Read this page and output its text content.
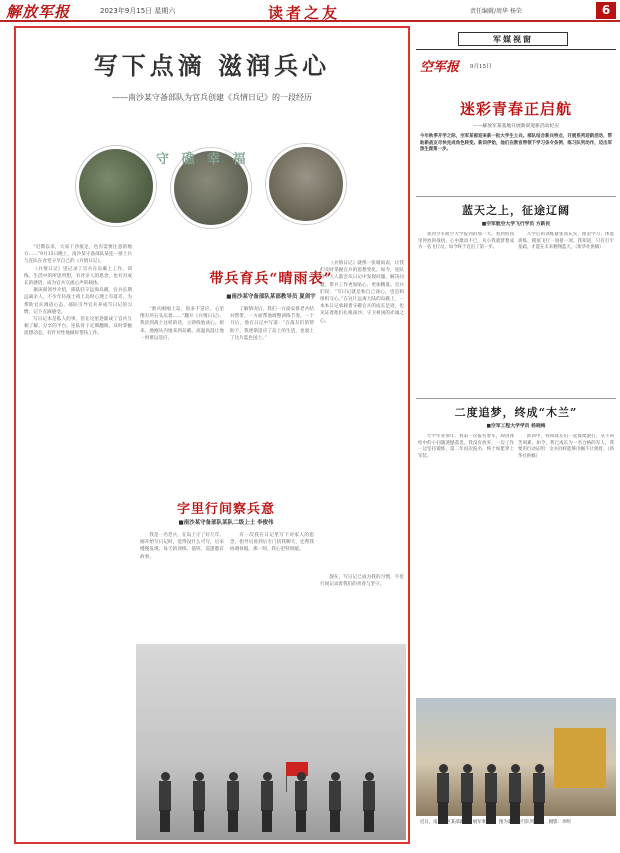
解放军报	2023年9月15日 星期六	读者之友	责任编辑/周华 杨荣	6
写下点滴 滋润兵心
——南沙某守备部队为官兵创建《兵情日记》的一段经历
守 礁 幸 福

“近期以来，大家干劲很足，也有需要注意的地方……”9月15日晚上，南沙某守备部队某连一排士兵与连队在食堂分享自己的《兵情日记》。

《兵情日记》里记录了官兵在岛礁上工作、训练、生活中的所思所想，有对亲人的思念，也有对成长的感悟，成为官兵交流心声的载体。

据该部领导介绍，部队驻守远海岛礁，官兵长期远离亲人，不少年轻战士初上岛时心理上有落差。为帮助官兵调适心态，部队引导官兵养成写日记的习惯，记下点滴感受。

写日记本是私人的事，但在这里逐渐成了官兵互相了解、分享的平台。连队骨干定期翻阅，及时掌握思想动态，有针对性地做好帮扶工作。

带兵育兵“晴雨表”
■南沙某守备部队某部教导员 夏剑宇

“新兵刚刚上岛，很多不适应，心里像有块石头压着……”翻开《兵情日记》，我读到战士这样的话，立即找他谈心。原来，他刚从内地来到岛礁，高温高湿让他一时难以适应。

了解情况后，我们一方面安排老兵结对帮带，一方面帮他调整训练节奏。一个月后，他在日记中写道：“在战友们的帮助下，我逐渐适应了岛上的生活，也爱上了这片蓝色国土。”

《兵情日记》就像一张晴雨表，让我们及时掌握官兵的思想变化。如今，连队骨干人人都会从日记中发现问题、解决问题，带兵工作更加贴心、更加精准。官兵们说：“写日记就是和自己谈心，也是和组织交心。”在这片远离大陆的岛礁上，一本本日记承载着守礁官兵的成长足迹，也见证着他们扎根南沙、守卫祖国的赤诚之心。

字里行间察兵意
■南沙某守备部队某队二级上士 李俊伟

我是一名老兵，在岛上守了好几年。刚开始写日记时，觉得没什么可写，后来慢慢发现，每天的训练、值班、巡逻都有故事。

有一次我在日记里写下对家人的思念，指导员看到后专门找我聊天，还帮我协调休假。那一刻，我心里特别暖。

现在，写日记已成为我的习惯，字里行间记录着我们的青春与坚守。

军媒视窗
空军报 9月15日
迷彩青春正启航
——解放军某基地开展新训迎新活动纪实
今年秋季开学之际，空军某部迎来新一批大学生士兵。部队结合新兵特点，开展系列迎新活动，帮助新战友尽快完成角色转变。新训伊始，他们在教官带领下学习条令条例、练习队列动作，迈出军旅生涯第一步。
蓝天之上，征途辽阔
■空军航空大学飞行学员 方新民

我到空军航空大学报到的那一天，看到校园里停放的战机，心中激动不已。从小我就梦想成为一名飞行员，如今终于迈出了第一步。

入学后的训练紧张而充实，理论学习、体能训练、模拟飞行一项接一项。我知道，只有打牢基础，才能在未来翱翔蓝天。（新华社供稿）

二度追梦，终成“木兰”
■空军工程大学学员 杨晓梅

大学毕业那年，我第一次报名参军，却因体检中的小问题遗憾落选。我没有放弃，一边工作一边坚持锻炼，第二年再次报名，终于如愿穿上军装。

新训中，我和战友们一起摸爬滚打，从不叫苦叫累。如今，我已成长为一名合格的军人，我要用行动证明：女兵同样能够巾帼不让须眉。（新华社供稿）

近日，南部战区某部新兵开展军事训练。图为新兵进行队列训练。 摄影：李明
